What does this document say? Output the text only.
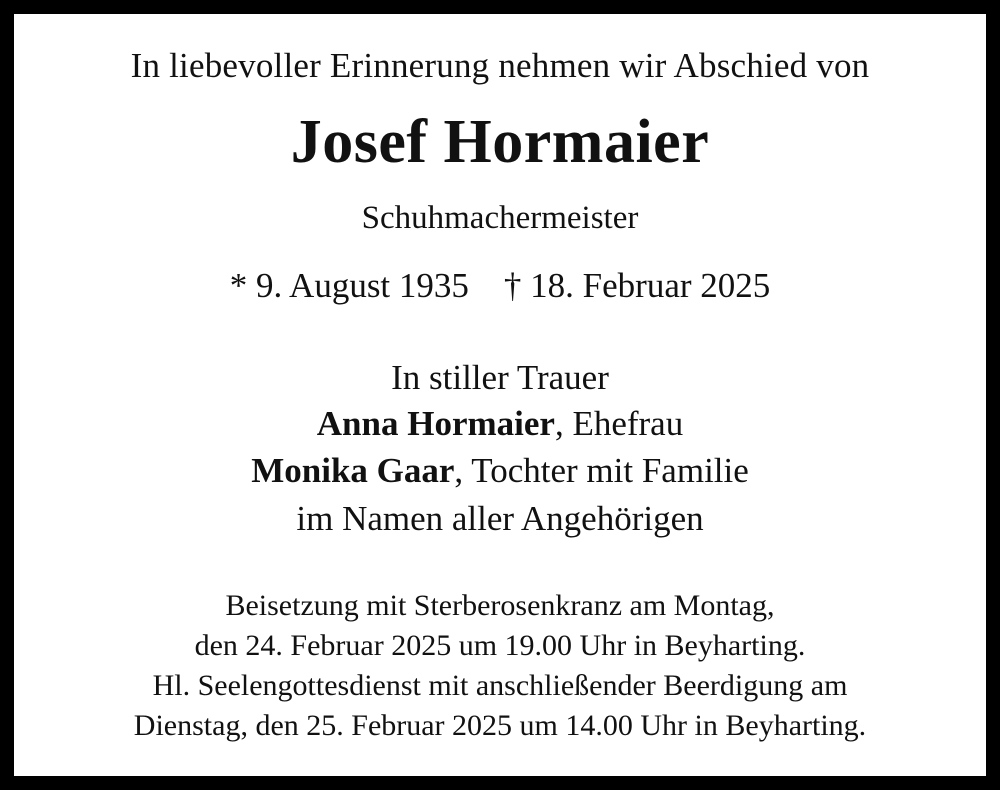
In liebevoller Erinnerung nehmen wir Abschied von
Josef Hormaier
Schuhmachermeister
* 9. August 1935    † 18. Februar 2025
In stiller Trauer
Anna Hormaier, Ehefrau
Monika Gaar, Tochter mit Familie
im Namen aller Angehörigen
Beisetzung mit Sterberosenkranz am Montag,
den 24. Februar 2025 um 19.00 Uhr in Beyharting.
Hl. Seelengottesdienst mit anschließender Beerdigung am
Dienstag, den 25. Februar 2025 um 14.00 Uhr in Beyharting.
